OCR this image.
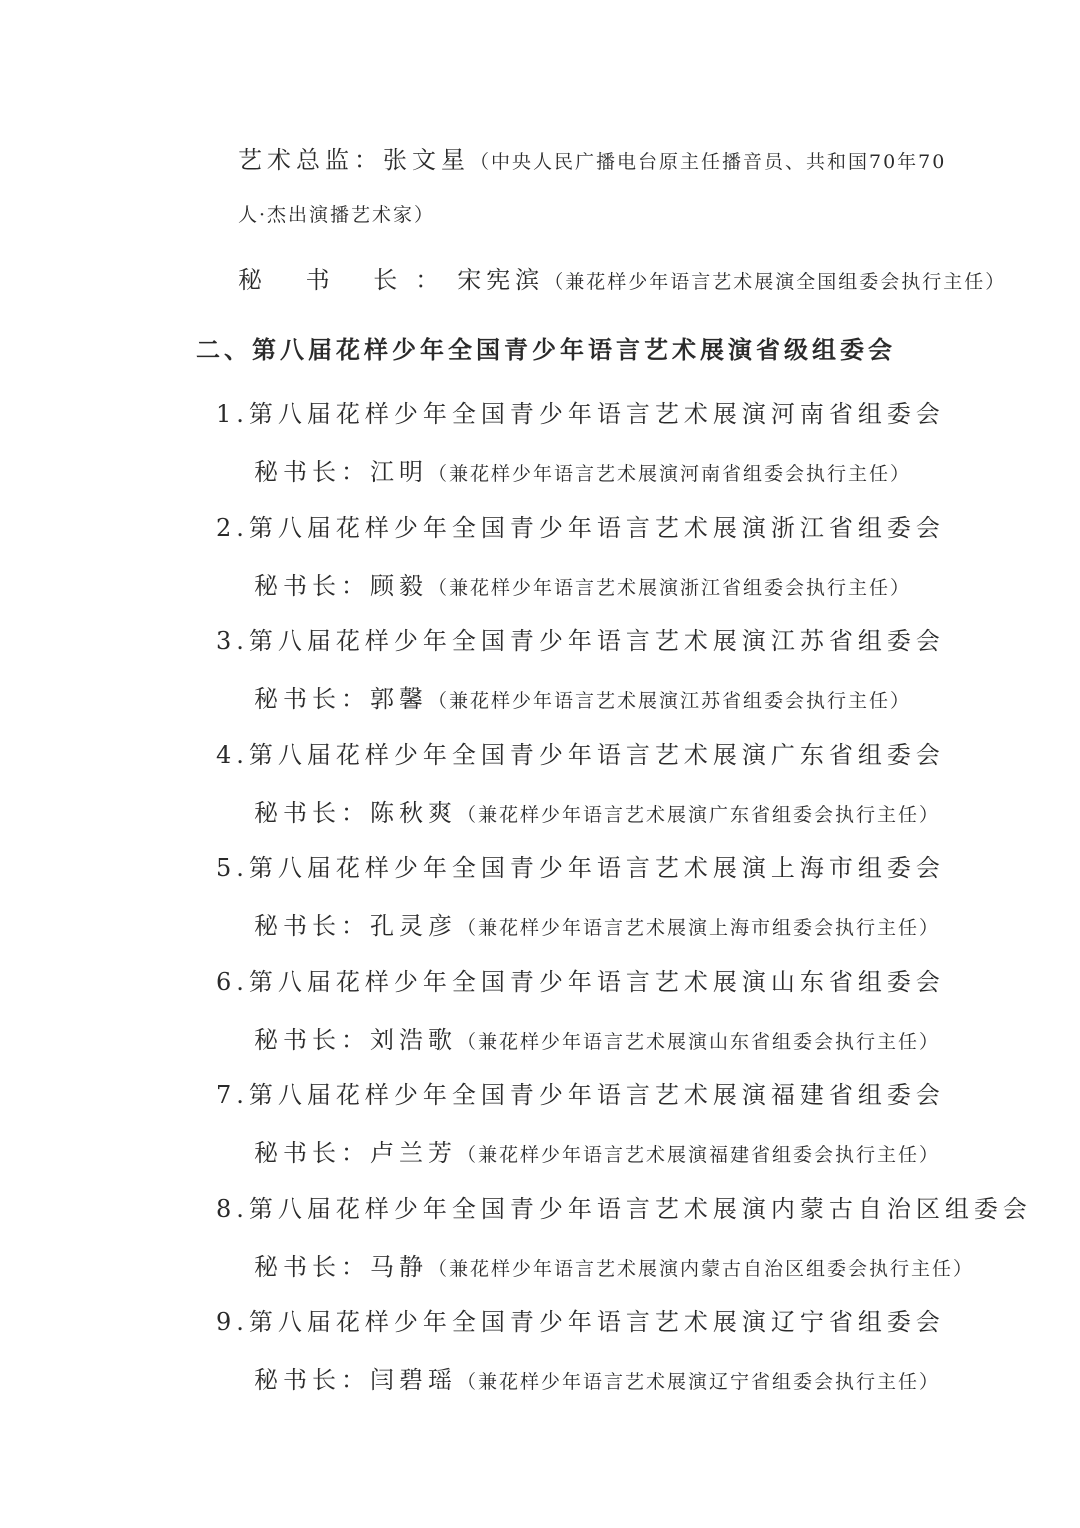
艺术总监：张文星（中央人民广播电台原主任播音员、共和国70年70
人·杰出演播艺术家）
秘 书 长：宋宪滨（兼花样少年语言艺术展演全国组委会执行主任）
二、第八届花样少年全国青少年语言艺术展演省级组委会
1.第八届花样少年全国青少年语言艺术展演河南省组委会
秘书长：江明（兼花样少年语言艺术展演河南省组委会执行主任）
2.第八届花样少年全国青少年语言艺术展演浙江省组委会
秘书长：顾毅（兼花样少年语言艺术展演浙江省组委会执行主任）
3.第八届花样少年全国青少年语言艺术展演江苏省组委会
秘书长：郭馨（兼花样少年语言艺术展演江苏省组委会执行主任）
4.第八届花样少年全国青少年语言艺术展演广东省组委会
秘书长：陈秋爽（兼花样少年语言艺术展演广东省组委会执行主任）
5.第八届花样少年全国青少年语言艺术展演上海市组委会
秘书长：孔灵彦（兼花样少年语言艺术展演上海市组委会执行主任）
6.第八届花样少年全国青少年语言艺术展演山东省组委会
秘书长：刘浩歌（兼花样少年语言艺术展演山东省组委会执行主任）
7.第八届花样少年全国青少年语言艺术展演福建省组委会
秘书长：卢兰芳（兼花样少年语言艺术展演福建省组委会执行主任）
8.第八届花样少年全国青少年语言艺术展演内蒙古自治区组委会
秘书长：马静（兼花样少年语言艺术展演内蒙古自治区组委会执行主任）
9.第八届花样少年全国青少年语言艺术展演辽宁省组委会
秘书长：闫碧瑶（兼花样少年语言艺术展演辽宁省组委会执行主任）
